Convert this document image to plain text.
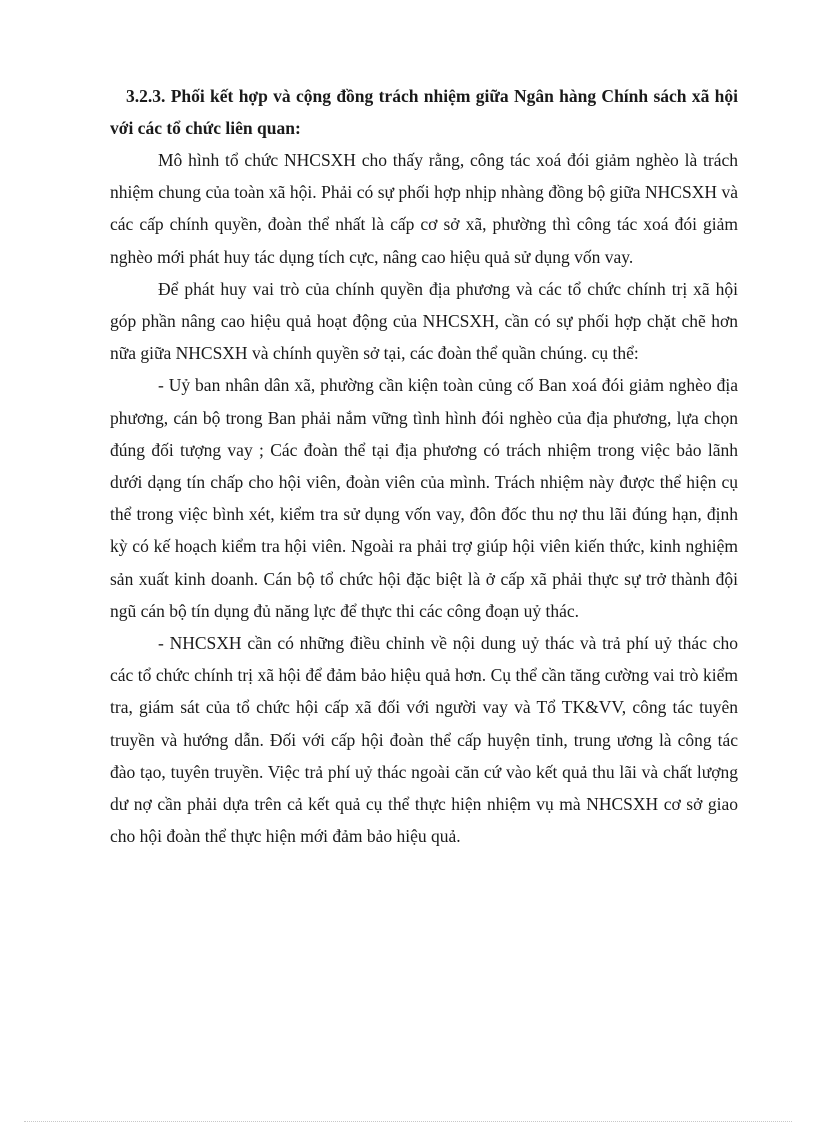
3.2.3. Phối kết hợp và cộng đồng trách nhiệm giữa Ngân hàng Chính sách xã hội với các tổ chức liên quan:

Mô hình tổ chức NHCSXH cho thấy rằng, công tác xoá đói giảm nghèo là trách nhiệm chung của toàn xã hội. Phải có sự phối hợp nhịp nhàng đồng bộ giữa NHCSXH và các cấp chính quyền, đoàn thể nhất là cấp cơ sở xã, phường thì công tác xoá đói giảm nghèo mới phát huy tác dụng tích cực, nâng cao hiệu quả sử dụng vốn vay.

Để phát huy vai trò của chính quyền địa phương và các tổ chức chính trị xã hội góp phần nâng cao hiệu quả hoạt động của NHCSXH, cần có sự phối hợp chặt chẽ hơn nữa giữa NHCSXH và chính quyền sở tại, các đoàn thể quần chúng. cụ thể:

- Uỷ ban nhân dân xã, phường cần kiện toàn củng cố Ban xoá đói giảm nghèo địa phương, cán bộ trong Ban phải nắm vững tình hình đói nghèo của địa phương, lựa chọn đúng đối tượng vay ; Các đoàn thể tại địa phương có trách nhiệm trong việc bảo lãnh dưới dạng tín chấp cho hội viên, đoàn viên của mình. Trách nhiệm này được thể hiện cụ thể trong việc bình xét, kiểm tra sử dụng vốn vay, đôn đốc thu nợ thu lãi đúng hạn, định kỳ có kế hoạch kiểm tra hội viên. Ngoài ra phải trợ giúp hội viên kiến thức, kinh nghiệm sản xuất kinh doanh. Cán bộ tổ chức hội đặc biệt là ở cấp xã phải thực sự trở thành đội ngũ cán bộ tín dụng đủ năng lực để thực thi các công đoạn uỷ thác.

- NHCSXH cần có những điều chỉnh về nội dung uỷ thác và trả phí uỷ thác cho các tổ chức chính trị xã hội để đảm bảo hiệu quả hơn. Cụ thể cần tăng cường vai trò kiểm tra, giám sát của tổ chức hội cấp xã đối với người vay và Tổ TK&VV, công tác tuyên truyền và hướng dẫn. Đối với cấp hội đoàn thể cấp huyện tỉnh, trung ương là công tác đào tạo, tuyên truyền. Việc trả phí uỷ thác ngoài căn cứ vào kết quả thu lãi và chất lượng dư nợ cần phải dựa trên cả kết quả cụ thể thực hiện nhiệm vụ mà NHCSXH cơ sở giao cho hội đoàn thể thực hiện mới đảm bảo hiệu quả.
